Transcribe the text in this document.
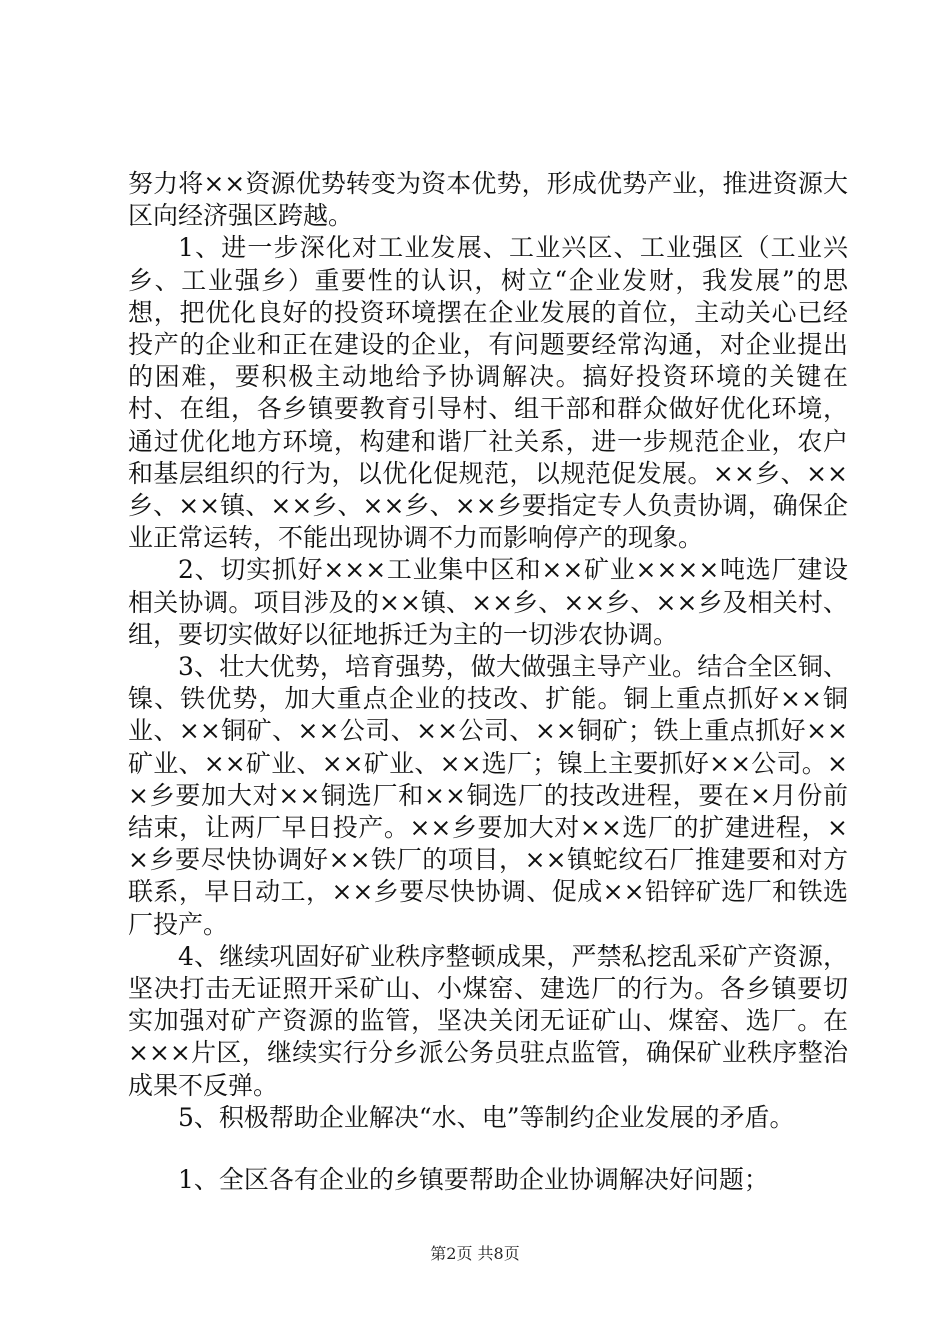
努力将××资源优势转变为资本优势，形成优势产业，推进资源大区向经济强区跨越。

1、进一步深化对工业发展、工业兴区、工业强区（工业兴乡、工业强乡）重要性的认识，树立“企业发财，我发展”的思想，把优化良好的投资环境摆在企业发展的首位，主动关心已经投产的企业和正在建设的企业，有问题要经常沟通，对企业提出的困难，要积极主动地给予协调解决。搞好投资环境的关键在村、在组，各乡镇要教育引导村、组干部和群众做好优化环境，通过优化地方环境，构建和谐厂社关系，进一步规范企业，农户和基层组织的行为，以优化促规范，以规范促发展。××乡、××乡、××镇、××乡、××乡、××乡要指定专人负责协调，确保企业正常运转，不能出现协调不力而影响停产的现象。

2、切实抓好×××工业集中区和××矿业××××吨选厂建设相关协调。项目涉及的××镇、××乡、××乡、××乡及相关村、组，要切实做好以征地拆迁为主的一切涉农协调。

3、壮大优势，培育强势，做大做强主导产业。结合全区铜、镍、铁优势，加大重点企业的技改、扩能。铜上重点抓好××铜业、××铜矿、××公司、××公司、××铜矿；铁上重点抓好××矿业、××矿业、××矿业、××选厂；镍上主要抓好××公司。××乡要加大对××铜选厂和××铜选厂的技改进程，要在×月份前结束，让两厂早日投产。××乡要加大对××选厂的扩建进程，××乡要尽快协调好××铁厂的项目，××镇蛇纹石厂推建要和对方联系，早日动工，××乡要尽快协调、促成××铅锌矿选厂和铁选厂投产。

4、继续巩固好矿业秩序整顿成果，严禁私挖乱采矿产资源，坚决打击无证照开采矿山、小煤窑、建选厂的行为。各乡镇要切实加强对矿产资源的监管，坚决关闭无证矿山、煤窑、选厂。在×××片区，继续实行分乡派公务员驻点监管，确保矿业秩序整治成果不反弹。

5、积极帮助企业解决“水、电”等制约企业发展的矛盾。

1、全区各有企业的乡镇要帮助企业协调解决好问题；

第2页 共8页
